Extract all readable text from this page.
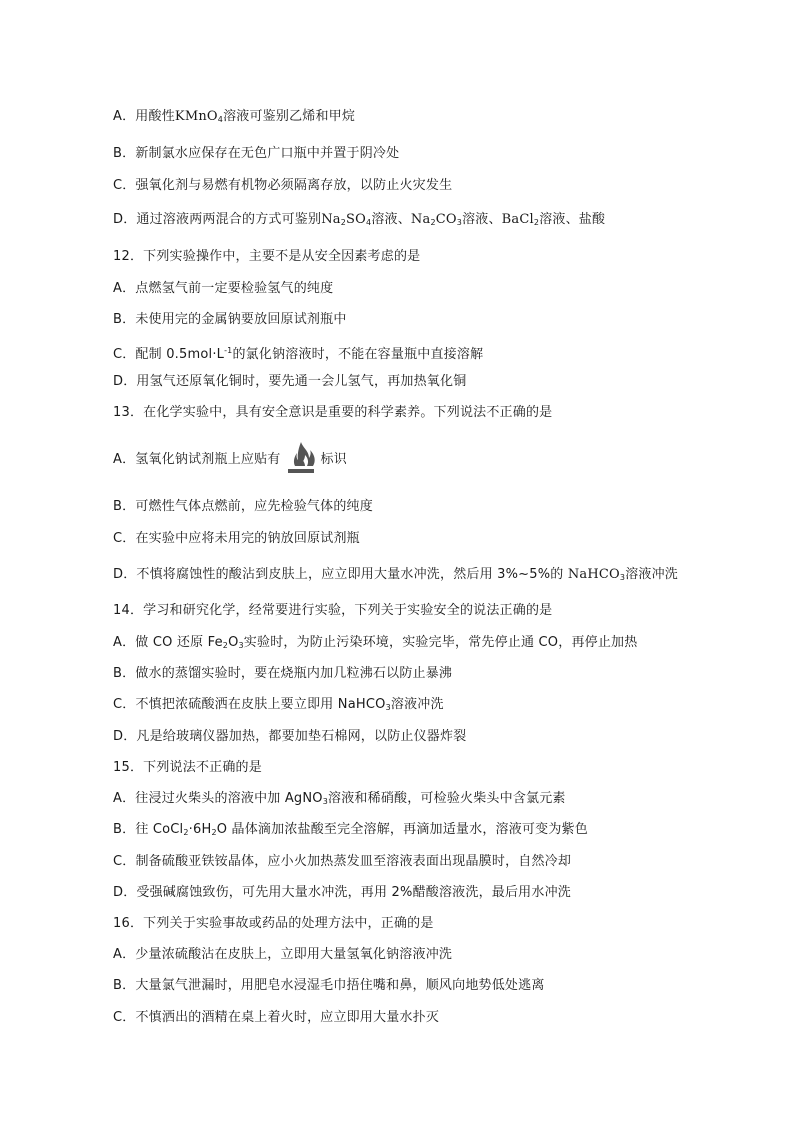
A．用酸性KMnO$_4$溶液可鉴别乙烯和甲烷
B．新制氯水应保存在无色广口瓶中并置于阴冷处
C．强氧化剂与易燃有机物必须隔离存放，以防止火灾发生
D．通过溶液两两混合的方式可鉴别$Na_2SO_4$溶液、$Na_2CO_3$溶液、BaCl$_2$溶液、盐酸
12．下列实验操作中，主要不是从安全因素考虑的是
A．点燃氢气前一定要检验氢气的纯度
B．未使用完的金属钠要放回原试剂瓶中
C．配制 $0.5mol\cdot L^{-1}$的氯化钠溶液时，不能在容量瓶中直接溶解
D．用氢气还原氧化铜时，要先通一会儿氢气，再加热氧化铜
13．在化学实验中，具有安全意识是重要的科学素养。下列说法不正确的是
A．氢氧化钠试剂瓶上应贴有	标识
B．可燃性气体点燃前，应先检验气体的纯度
C．在实验中应将未用完的钠放回原试剂瓶
D．不慎将腐蚀性的酸沾到皮肤上，应立即用大量水冲洗，然后用 3%~5%的 NaHCO$_3$溶液冲洗
14．学习和研究化学，经常要进行实验，下列关于实验安全的说法正确的是
A．做 CO 还原 $Fe_2O_3$实验时，为防止污染环境，实验完毕，常先停止通 CO，再停止加热
B．做水的蒸馏实验时，要在烧瓶内加几粒沸石以防止暴沸
C．不慎把浓硫酸洒在皮肤上要立即用 NaHCO$_3$溶液冲洗
D．凡是给玻璃仪器加热，都要加垫石棉网，以防止仪器炸裂
15．下列说法不正确的是
A．往浸过火柴头的溶液中加 AgNO$_3$溶液和稀硝酸，可检验火柴头中含氯元素
B．往 $CoCl_2\cdot 6H_2O$ 晶体滴加浓盐酸至完全溶解，再滴加适量水，溶液可变为紫色
C．制备硫酸亚铁铵晶体，应小火加热蒸发皿至溶液表面出现晶膜时，自然冷却
D．受强碱腐蚀致伤，可先用大量水冲洗，再用 2%醋酸溶液洗，最后用水冲洗
16．下列关于实验事故或药品的处理方法中，正确的是
A．少量浓硫酸沾在皮肤上，立即用大量氢氧化钠溶液冲洗
B．大量氯气泄漏时，用肥皂水浸湿毛巾捂住嘴和鼻，顺风向地势低处逃离
C．不慎洒出的酒精在桌上着火时，应立即用大量水扑灭
